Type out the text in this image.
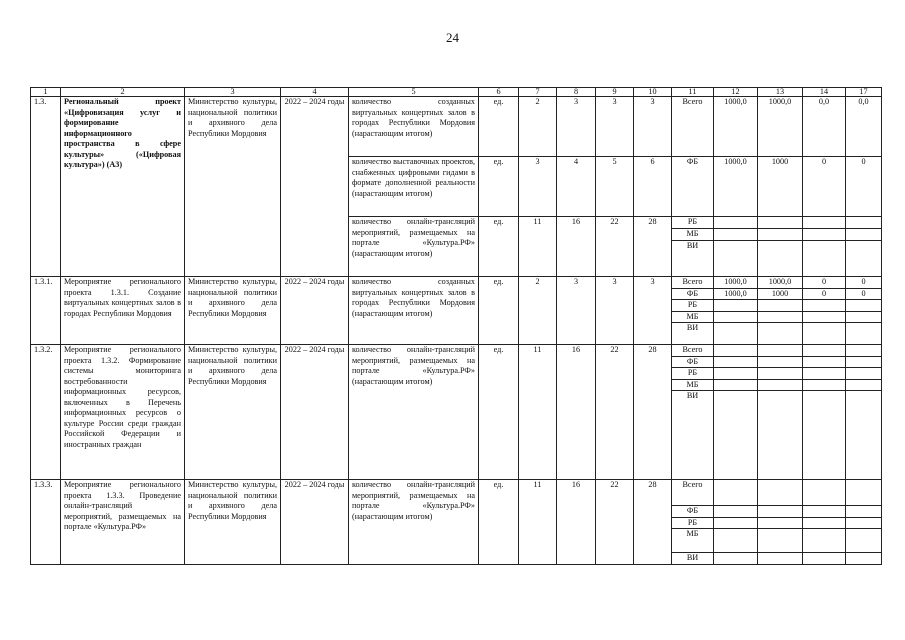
24
1	2	3	4	5	6	7	8	9	10	11	12	13	14	17
1.3.	Региональный проект «Цифровизация услуг и формирование информационного пространства в сфере культуры» («Цифровая культура») (А3)	Министерство культуры, национальной политики и архивного дела Республики Мордовия	2022 – 2024 годы	количество созданных виртуальных концертных залов в городах Республики Мордовия (нарастающим итогом)	ед.	2	3	3	3	Всего	1000,0	1000,0	0,0	0,0

				количество выставочных проектов, снабженных цифровыми гидами в формате дополненной реальности (нарастающим итогом)	ед.	3	4	5	6	ФБ	1000,0	1000	0	0

				количество онлайн-трансляций мероприятий, размещаемых на портале «Культура.РФ» (нарастающим итогом)	ед.	11	16	22	28	РБ				
										МБ				
										ВИ				

1.3.1.	Мероприятие регионального проекта 1.3.1. Создание виртуальных концертных залов в городах Республики Мордовия	Министерство культуры, национальной политики и архивного дела Республики Мордовия	2022 – 2024 годы	количество созданных виртуальных концертных залов в городах Республики Мордовия (нарастающим итогом)	ед.	2	3	3	3	Всего	1000,0	1000,0	0	0
										ФБ	1000,0	1000	0	0
										РБ				
										МБ				
										ВИ				

1.3.2.	Мероприятие регионального проекта 1.3.2. Формирование системы мониторинга востребованности информационных ресурсов, включенных в Перечень информационных ресурсов о культуре России среди граждан Российской Федерации и иностранных граждан	Министерство культуры, национальной политики и архивного дела Республики Мордовия	2022 – 2024 годы	количество онлайн-трансляций мероприятий, размещаемых на портале «Культура.РФ» (нарастающим итогом)	ед.	11	16	22	28	Всего				
										ФБ				
										РБ				
										МБ				
										ВИ				

1.3.3.	Мероприятие регионального проекта 1.3.3. Проведение онлайн-трансляций мероприятий, размещаемых на портале «Культура.РФ»	Министерство культуры, национальной политики и архивного дела Республики Мордовия	2022 – 2024 годы	количество онлайн-трансляций мероприятий, размещаемых на портале «Культура.РФ» (нарастающим итогом)	ед.	11	16	22	28	Всего				

										ФБ				
										РБ				
										МБ				

										ВИ				
